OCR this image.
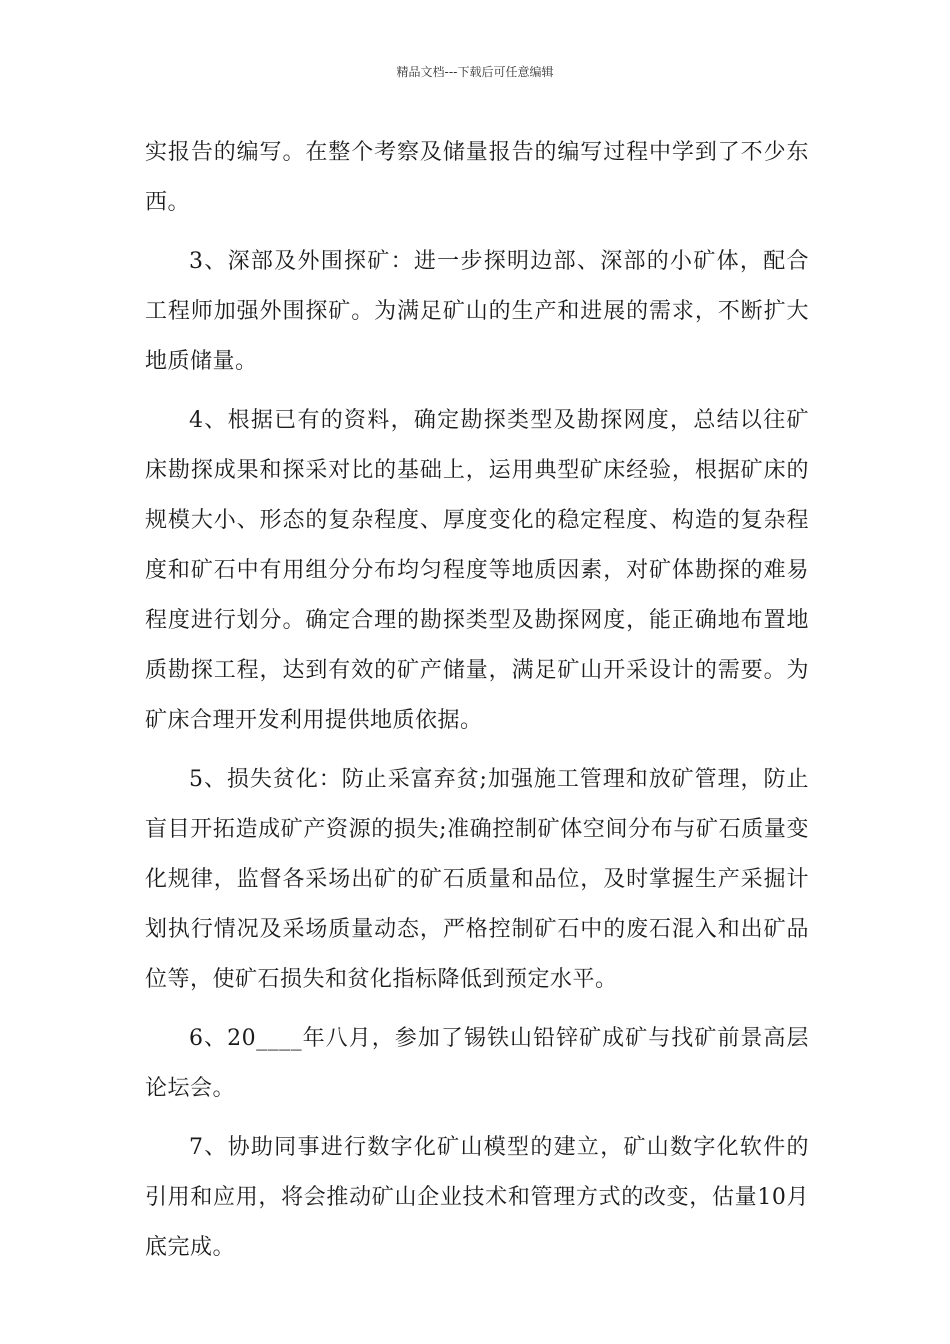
精品文档---下载后可任意编辑

实报告的编写。在整个考察及储量报告的编写过程中学到了不少东西。

3、深部及外围探矿：进一步探明边部、深部的小矿体，配合工程师加强外围探矿。为满足矿山的生产和进展的需求，不断扩大地质储量。

4、根据已有的资料，确定勘探类型及勘探网度，总结以往矿床勘探成果和探采对比的基础上，运用典型矿床经验，根据矿床的规模大小、形态的复杂程度、厚度变化的稳定程度、构造的复杂程度和矿石中有用组分分布均匀程度等地质因素，对矿体勘探的难易程度进行划分。确定合理的勘探类型及勘探网度，能正确地布置地质勘探工程，达到有效的矿产储量，满足矿山开采设计的需要。为矿床合理开发利用提供地质依据。

5、损失贫化：防止采富弃贫;加强施工管理和放矿管理，防止盲目开拓造成矿产资源的损失;准确控制矿体空间分布与矿石质量变化规律，监督各采场出矿的矿石质量和品位，及时掌握生产采掘计划执行情况及采场质量动态，严格控制矿石中的废石混入和出矿品位等，使矿石损失和贫化指标降低到预定水平。

6、20____年八月，参加了锡铁山铅锌矿成矿与找矿前景高层论坛会。

7、协助同事进行数字化矿山模型的建立，矿山数字化软件的引用和应用，将会推动矿山企业技术和管理方式的改变，估量10月底完成。
